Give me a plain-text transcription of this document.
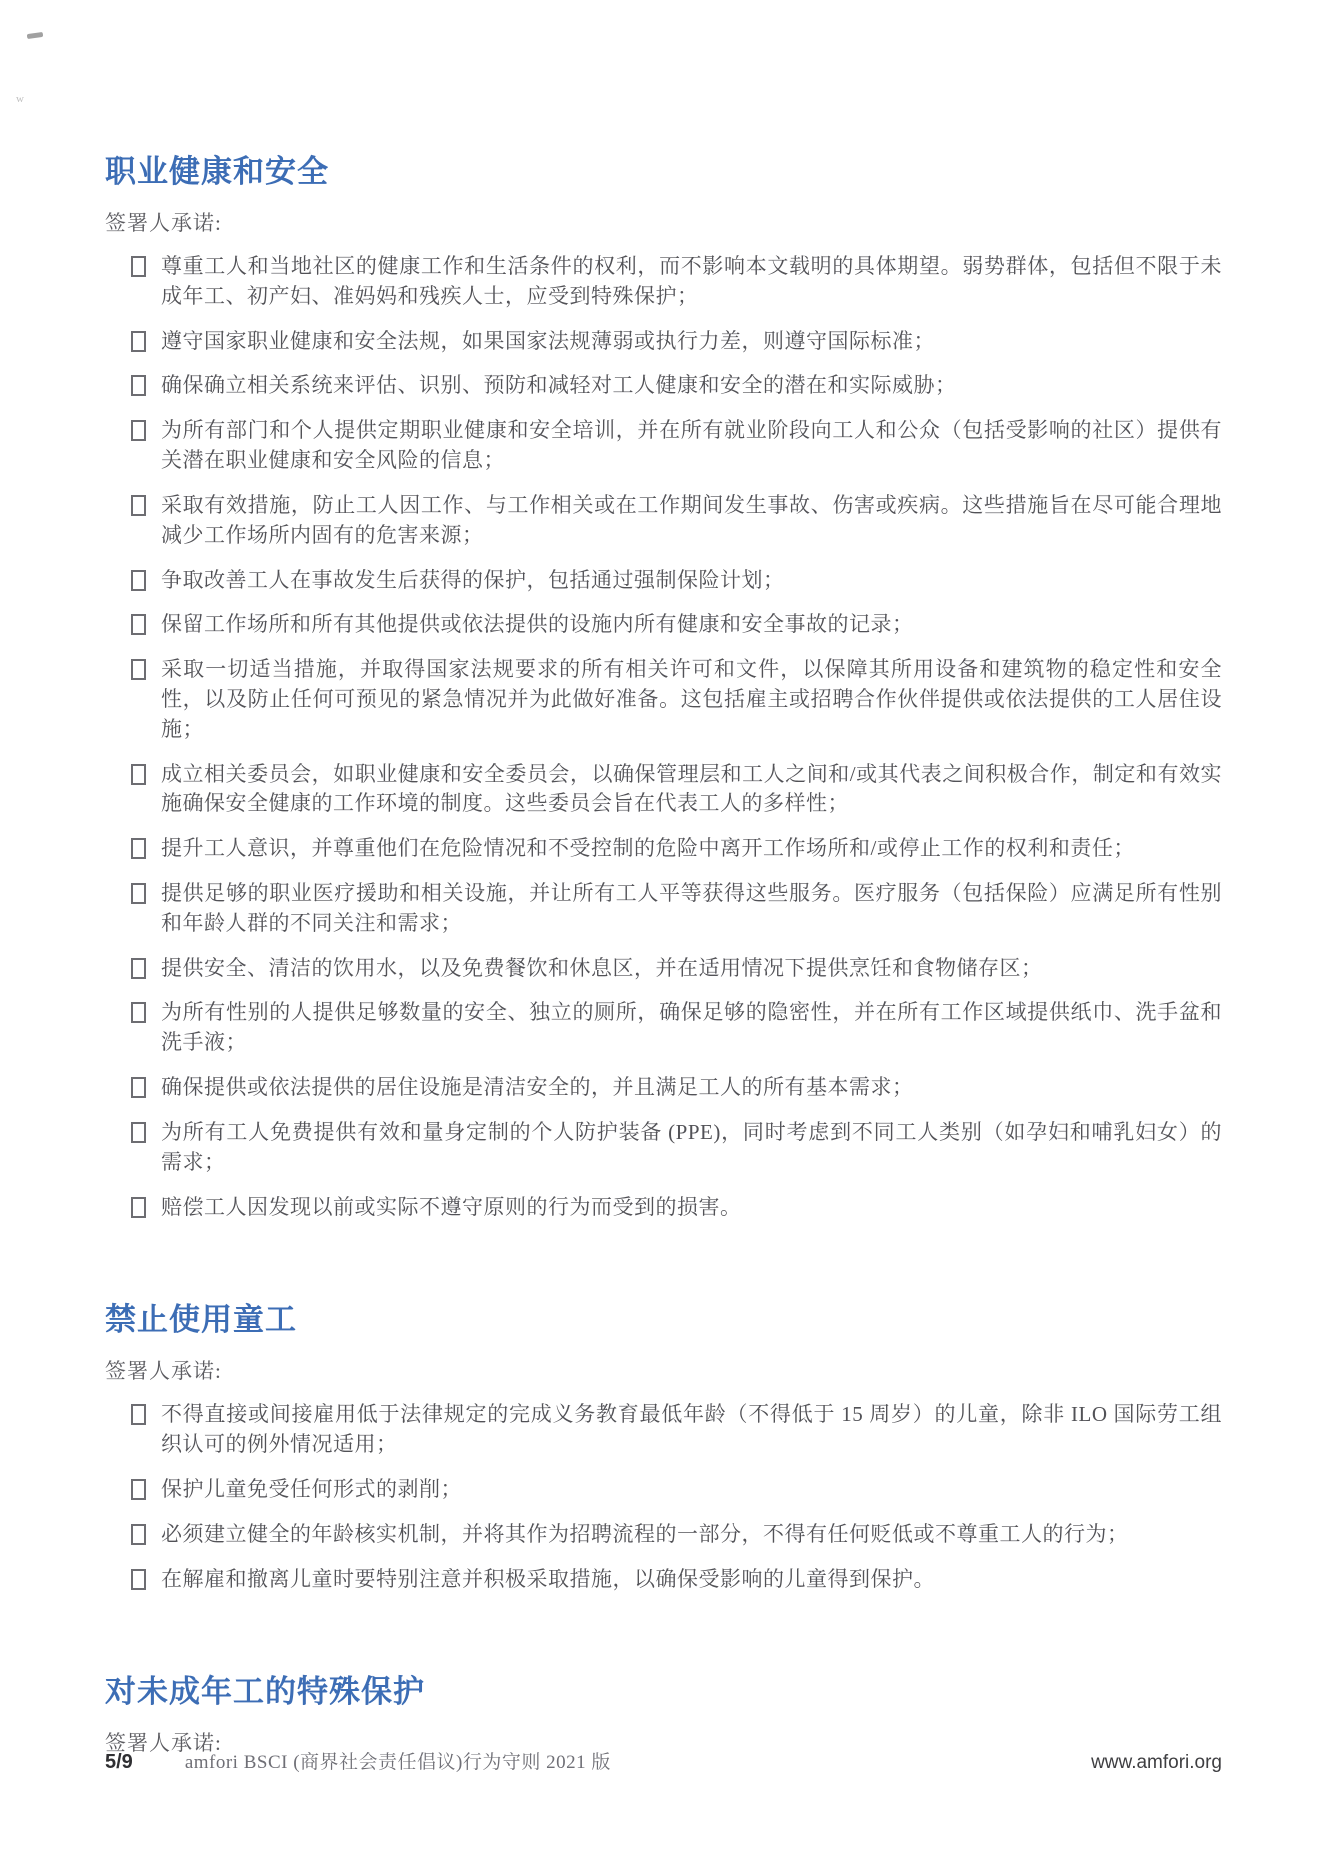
w
职业健康和安全

签署人承诺:

尊重工人和当地社区的健康工作和生活条件的权利，而不影响本文载明的具体期望。弱势群体，包括但不限于未成年工、初产妇、准妈妈和残疾人士，应受到特殊保护；
遵守国家职业健康和安全法规，如果国家法规薄弱或执行力差，则遵守国际标准；
确保确立相关系统来评估、识别、预防和减轻对工人健康和安全的潜在和实际威胁；
为所有部门和个人提供定期职业健康和安全培训，并在所有就业阶段向工人和公众（包括受影响的社区）提供有关潜在职业健康和安全风险的信息；
采取有效措施，防止工人因工作、与工作相关或在工作期间发生事故、伤害或疾病。这些措施旨在尽可能合理地减少工作场所内固有的危害来源；
争取改善工人在事故发生后获得的保护，包括通过强制保险计划；
保留工作场所和所有其他提供或依法提供的设施内所有健康和安全事故的记录；
采取一切适当措施，并取得国家法规要求的所有相关许可和文件，以保障其所用设备和建筑物的稳定性和安全性，以及防止任何可预见的紧急情况并为此做好准备。这包括雇主或招聘合作伙伴提供或依法提供的工人居住设施；
成立相关委员会，如职业健康和安全委员会，以确保管理层和工人之间和/或其代表之间积极合作，制定和有效实施确保安全健康的工作环境的制度。这些委员会旨在代表工人的多样性；
提升工人意识，并尊重他们在危险情况和不受控制的危险中离开工作场所和/或停止工作的权利和责任；
提供足够的职业医疗援助和相关设施，并让所有工人平等获得这些服务。医疗服务（包括保险）应满足所有性别和年龄人群的不同关注和需求；
提供安全、清洁的饮用水，以及免费餐饮和休息区，并在适用情况下提供烹饪和食物储存区；
为所有性别的人提供足够数量的安全、独立的厕所，确保足够的隐密性，并在所有工作区域提供纸巾、洗手盆和洗手液；
确保提供或依法提供的居住设施是清洁安全的，并且满足工人的所有基本需求；
为所有工人免费提供有效和量身定制的个人防护装备 (PPE)，同时考虑到不同工人类别（如孕妇和哺乳妇女）的需求；
赔偿工人因发现以前或实际不遵守原则的行为而受到的损害。
禁止使用童工

签署人承诺:

不得直接或间接雇用低于法律规定的完成义务教育最低年龄（不得低于 15 周岁）的儿童，除非 ILO 国际劳工组织认可的例外情况适用；
保护儿童免受任何形式的剥削；
必须建立健全的年龄核实机制，并将其作为招聘流程的一部分，不得有任何贬低或不尊重工人的行为；
在解雇和撤离儿童时要特别注意并积极采取措施，以确保受影响的儿童得到保护。
对未成年工的特殊保护

签署人承诺:

5/9	amfori BSCI (商界社会责任倡议)行为守则 2021 版	www.amfori.org
